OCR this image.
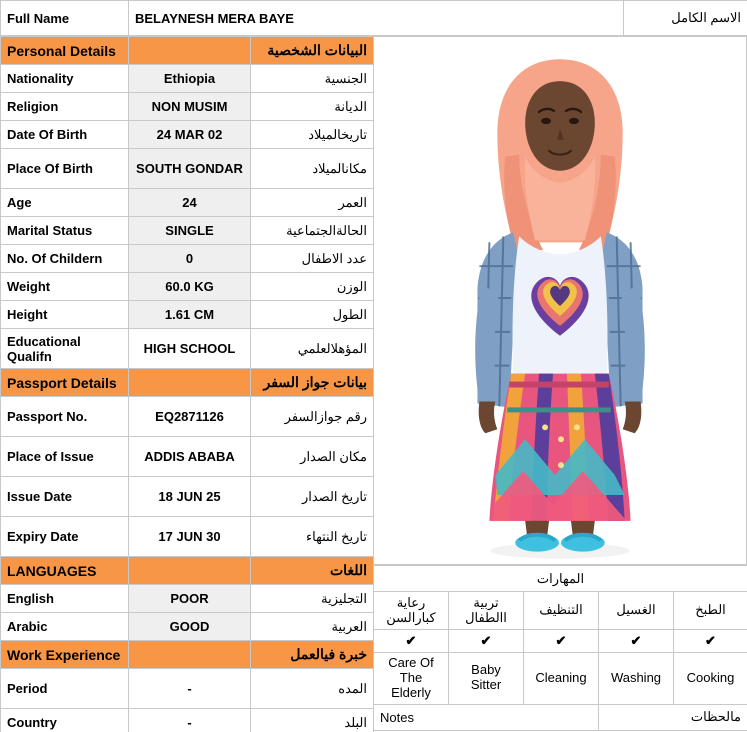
Full Name	BELAYNESH MERA BAYE	الاسم الكامل
Personal Details		البيانات الشخصية
Nationality	Ethiopia	الجنسية
Religion	NON MUSIM	الديانة
Date Of Birth	24 MAR 02	تاريخالميلاد
Place Of Birth	SOUTH GONDAR	مكانالميلاد
Age	24	العمر
Marital Status	SINGLE	الحالةالجتماعية
No. Of Childern	0	عدد الاطفال
Weight	60.0 KG	الوزن
Height	1.61 CM	الطول
Educational Qualifn	HIGH SCHOOL	المؤهلالعلمي
Passport Details		بيانات جواز السفر
Passport No.	EQ2871126	رقم جوازالسفر
Place of Issue	ADDIS ABABA	مكان الصدار
Issue Date	18 JUN 25	تاريخ الصدار
Expiry Date	17 JUN 30	تاريخ النتهاء
LANGUAGES		اللغات
English	POOR	التجليزية
Arabic	GOOD	العربية
Work Experience		خبرة فيالعمل
Period	-	المده
Country	-	البلد
المهارات				
رعاية كبارالسن	تربية االطفال	التنظيف	الغسيل	الطبخ
✔	✔	✔	✔	✔
Care Of The Elderly	Baby Sitter	Cleaning	Washing	Cooking
Notes			مالحظات	
